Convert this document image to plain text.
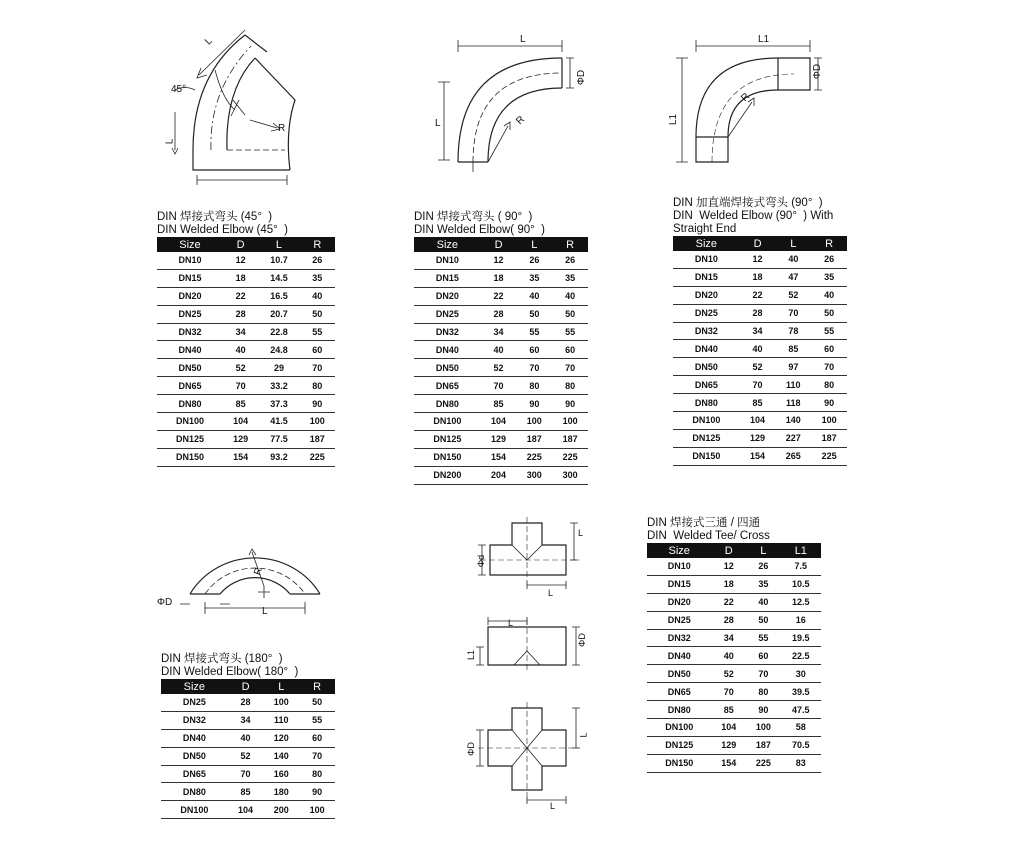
45°
L
L
R
L
L
ΦD
R
L1
L1
ΦD
R
ΦD
L
R
Φd
L
L
L
L1
ΦD
ΦD
L
L
DIN 焊接式弯头 (45°  )
DIN Welded Elbow (45°  )
Size	D	L	R
DN10	12	10.7	26
DN15	18	14.5	35
DN20	22	16.5	40
DN25	28	20.7	50
DN32	34	22.8	55
DN40	40	24.8	60
DN50	52	29	70
DN65	70	33.2	80
DN80	85	37.3	90
DN100	104	41.5	100
DN125	129	77.5	187
DN150	154	93.2	225
DIN 焊接式弯头 ( 90°  )
DIN Welded Elbow( 90°  )
Size	D	L	R
DN10	12	26	26
DN15	18	35	35
DN20	22	40	40
DN25	28	50	50
DN32	34	55	55
DN40	40	60	60
DN50	52	70	70
DN65	70	80	80
DN80	85	90	90
DN100	104	100	100
DN125	129	187	187
DN150	154	225	225
DN200	204	300	300
DIN 加直端焊接式弯头 (90°  )
DIN  Welded Elbow (90°  ) With
Straight End
Size	D	L	R
DN10	12	40	26
DN15	18	47	35
DN20	22	52	40
DN25	28	70	50
DN32	34	78	55
DN40	40	85	60
DN50	52	97	70
DN65	70	110	80
DN80	85	118	90
DN100	104	140	100
DN125	129	227	187
DN150	154	265	225
DIN 焊接式弯头 (180°  )
DIN Welded Elbow( 180°  )
Size	D	L	R
DN25	28	100	50
DN32	34	110	55
DN40	40	120	60
DN50	52	140	70
DN65	70	160	80
DN80	85	180	90
DN100	104	200	100
DIN 焊接式三通 / 四通
DIN  Welded Tee/ Cross
Size	D	L	L1
DN10	12	26	7.5
DN15	18	35	10.5
DN20	22	40	12.5
DN25	28	50	16
DN32	34	55	19.5
DN40	40	60	22.5
DN50	52	70	30
DN65	70	80	39.5
DN80	85	90	47.5
DN100	104	100	58
DN125	129	187	70.5
DN150	154	225	83
